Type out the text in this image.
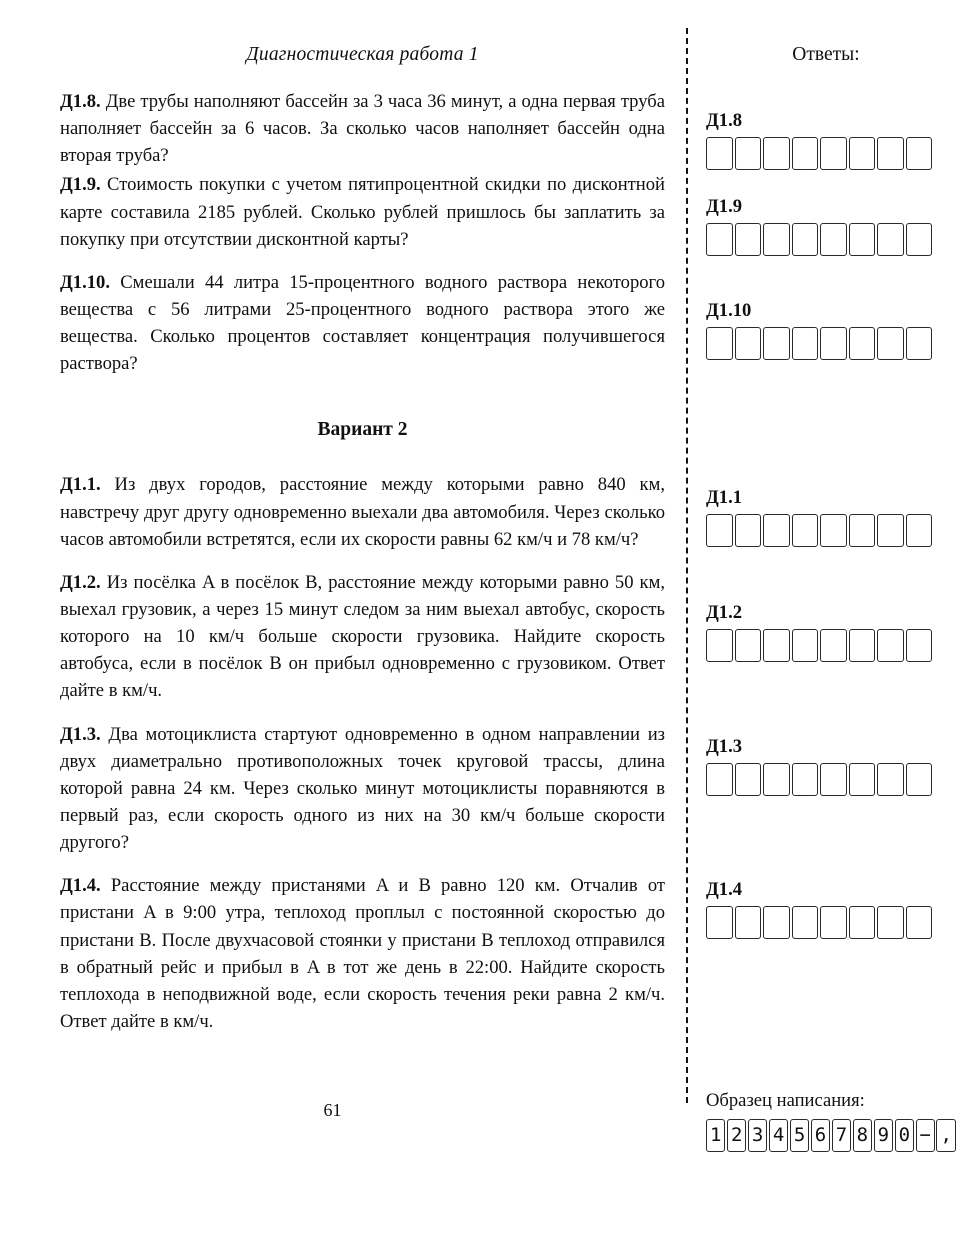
Диагностическая работа 1
Д1.8. Две трубы наполняют бассейн за 3 часа 36 минут, а одна первая труба наполняет бассейн за 6 часов. За сколько часов наполняет бассейн одна вторая труба?
Д1.9. Стоимость покупки с учетом пятипроцентной скидки по дисконтной карте составила 2185 рублей. Сколько рублей пришлось бы заплатить за покупку при отсутствии дисконтной карты?
Д1.10. Смешали 44 литра 15-процентного водного раствора некоторого вещества с 56 литрами 25-процентного водного раствора этого же вещества. Сколько процентов составляет концентрация получившегося раствора?
Вариант 2
Д1.1. Из двух городов, расстояние между которыми равно 840 км, навстречу друг другу одновременно выехали два автомобиля. Через сколько часов автомобили встретятся, если их скорости равны 62 км/ч и 78 км/ч?
Д1.2. Из посёлка A в посёлок B, расстояние между которыми равно 50 км, выехал грузовик, а через 15 минут следом за ним выехал автобус, скорость которого на 10 км/ч больше скорости грузовика. Найдите скорость автобуса, если в посёлок B он прибыл одновременно с грузовиком. Ответ дайте в км/ч.
Д1.3. Два мотоциклиста стартуют одновременно в одном направлении из двух диаметрально противоположных точек круговой трассы, длина которой равна 24 км. Через сколько минут мотоциклисты поравняются в первый раз, если скорость одного из них на 30 км/ч больше скорости другого?
Д1.4. Расстояние между пристанями A и B равно 120 км. Отчалив от пристани A в 9:00 утра, теплоход проплыл с постоянной скоростью до пристани B. После двухчасовой стоянки у пристани B теплоход отправился в обратный рейс и прибыл в A в тот же день в 22:00. Найдите скорость теплохода в неподвижной воде, если скорость течения реки равна 2 км/ч. Ответ дайте в км/ч.
61
Ответы:
Д1.8
Д1.9
Д1.10
Д1.1
Д1.2
Д1.3
Д1.4
Образец написания:
1 2 3 4 5 6 7 8 9 0 − ,
